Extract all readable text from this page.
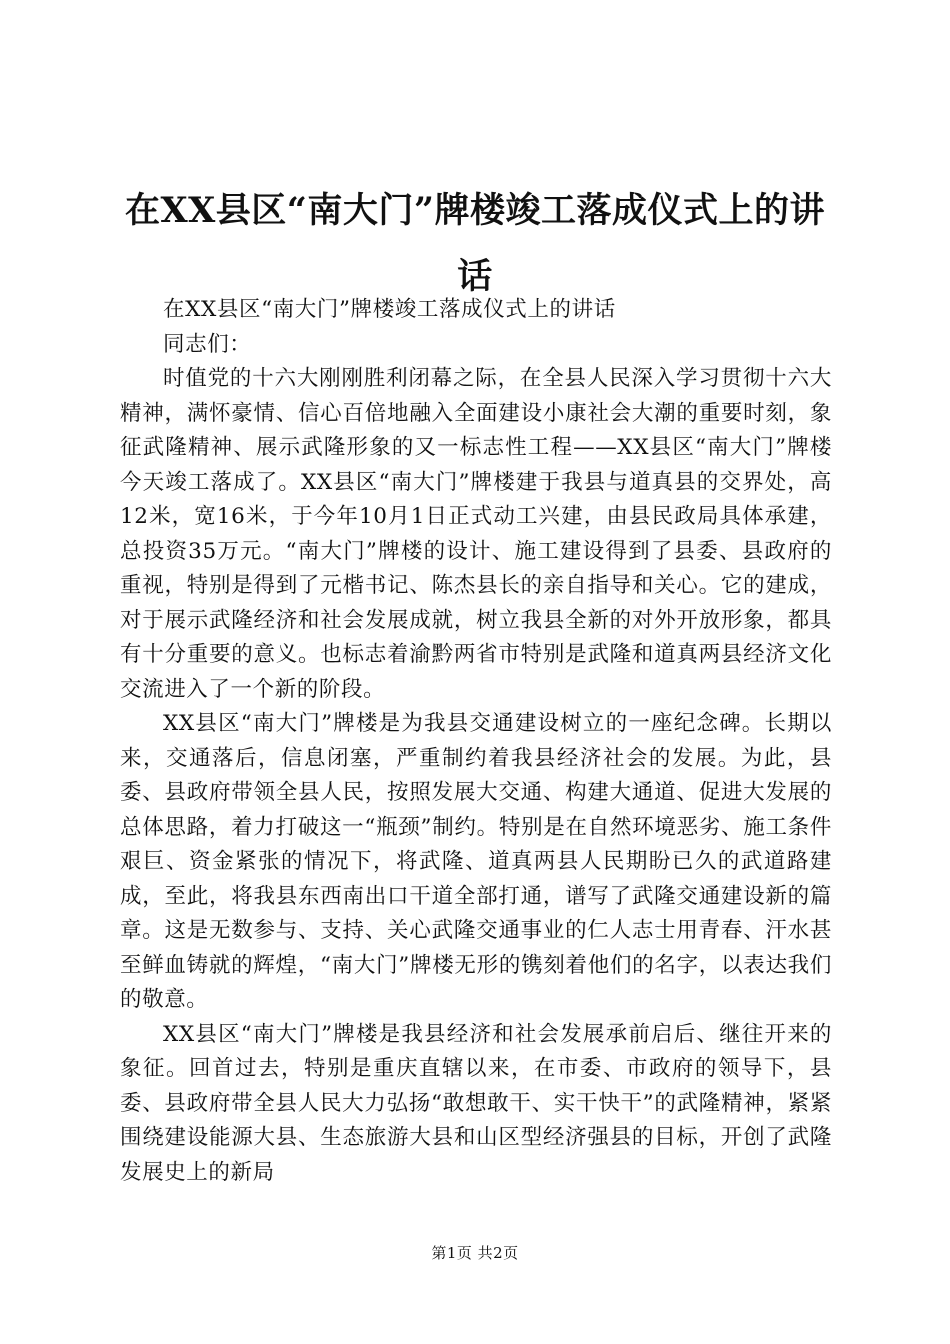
在XX县区“南大门”牌楼竣工落成仪式上的讲话

在XX县区“南大门”牌楼竣工落成仪式上的讲话

同志们：

时值党的十六大刚刚胜利闭幕之际，在全县人民深入学习贯彻十六大精神，满怀豪情、信心百倍地融入全面建设小康社会大潮的重要时刻，象征武隆精神、展示武隆形象的又一标志性工程——XX县区“南大门”牌楼今天竣工落成了。XX县区“南大门”牌楼建于我县与道真县的交界处，高12米，宽16米，于今年10月1日正式动工兴建，由县民政局具体承建，总投资35万元。“南大门”牌楼的设计、施工建设得到了县委、县政府的重视，特别是得到了元楷书记、陈杰县长的亲自指导和关心。它的建成，对于展示武隆经济和社会发展成就，树立我县全新的对外开放形象，都具有十分重要的意义。也标志着渝黔两省市特别是武隆和道真两县经济文化交流进入了一个新的阶段。

XX县区“南大门”牌楼是为我县交通建设树立的一座纪念碑。长期以来，交通落后，信息闭塞，严重制约着我县经济社会的发展。为此，县委、县政府带领全县人民，按照发展大交通、构建大通道、促进大发展的总体思路，着力打破这一“瓶颈”制约。特别是在自然环境恶劣、施工条件艰巨、资金紧张的情况下，将武隆、道真两县人民期盼已久的武道路建成，至此，将我县东西南出口干道全部打通，谱写了武隆交通建设新的篇章。这是无数参与、支持、关心武隆交通事业的仁人志士用青春、汗水甚至鲜血铸就的辉煌，“南大门”牌楼无形的镌刻着他们的名字，以表达我们的敬意。

XX县区“南大门”牌楼是我县经济和社会发展承前启后、继往开来的象征。回首过去，特别是重庆直辖以来，在市委、市政府的领导下，县委、县政府带全县人民大力弘扬“敢想敢干、实干快干”的武隆精神，紧紧围绕建设能源大县、生态旅游大县和山区型经济强县的目标，开创了武隆发展史上的新局

第1页 共2页
